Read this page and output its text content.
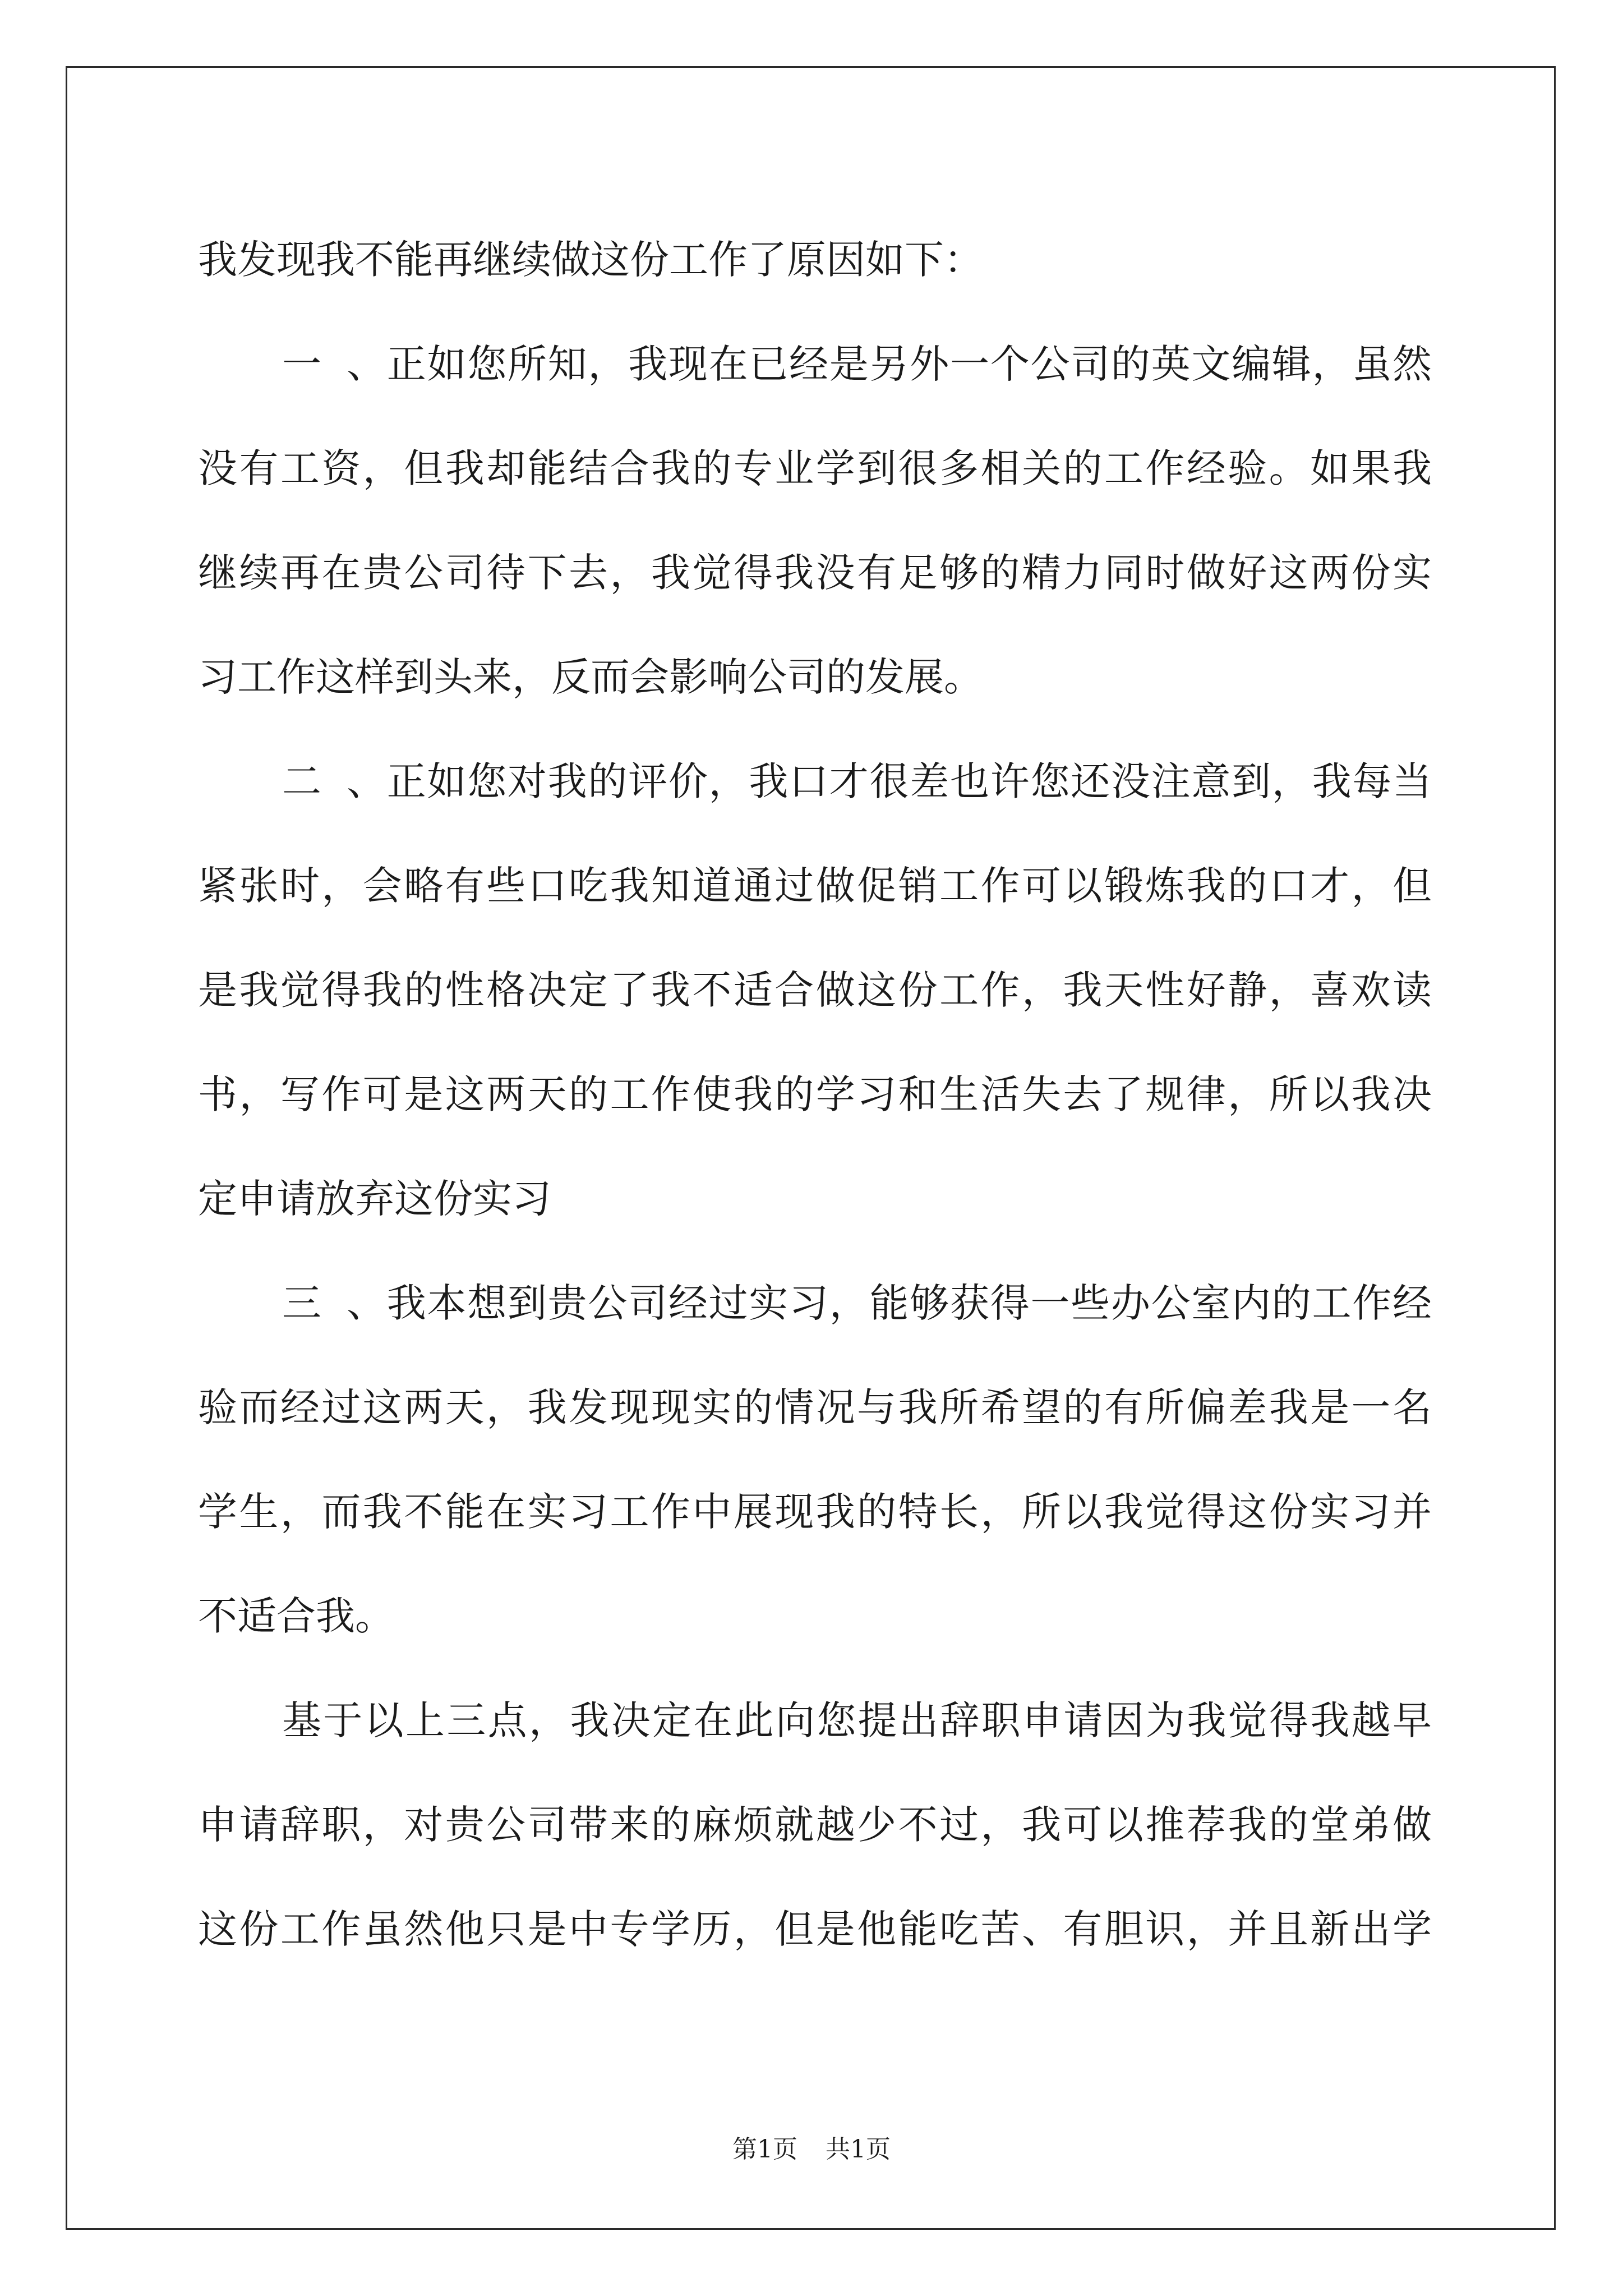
我发现我不能再继续做这份工作了原因如下：
一、正如您所知，我现在已经是另外一个公司的英文编辑，虽然
没有工资，但我却能结合我的专业学到很多相关的工作经验。如果我
继续再在贵公司待下去，我觉得我没有足够的精力同时做好这两份实
习工作这样到头来，反而会影响公司的发展。
二、正如您对我的评价，我口才很差也许您还没注意到，我每当
紧张时，会略有些口吃我知道通过做促销工作可以锻炼我的口才，但
是我觉得我的性格决定了我不适合做这份工作，我天性好静，喜欢读
书，写作可是这两天的工作使我的学习和生活失去了规律，所以我决
定申请放弃这份实习
三、我本想到贵公司经过实习，能够获得一些办公室内的工作经
验而经过这两天，我发现现实的情况与我所希望的有所偏差我是一名
学生，而我不能在实习工作中展现我的特长，所以我觉得这份实习并
不适合我。
基于以上三点，我决定在此向您提出辞职申请因为我觉得我越早
申请辞职，对贵公司带来的麻烦就越少不过，我可以推荐我的堂弟做
这份工作虽然他只是中专学历，但是他能吃苦、有胆识，并且新出学
第1页 共1页
